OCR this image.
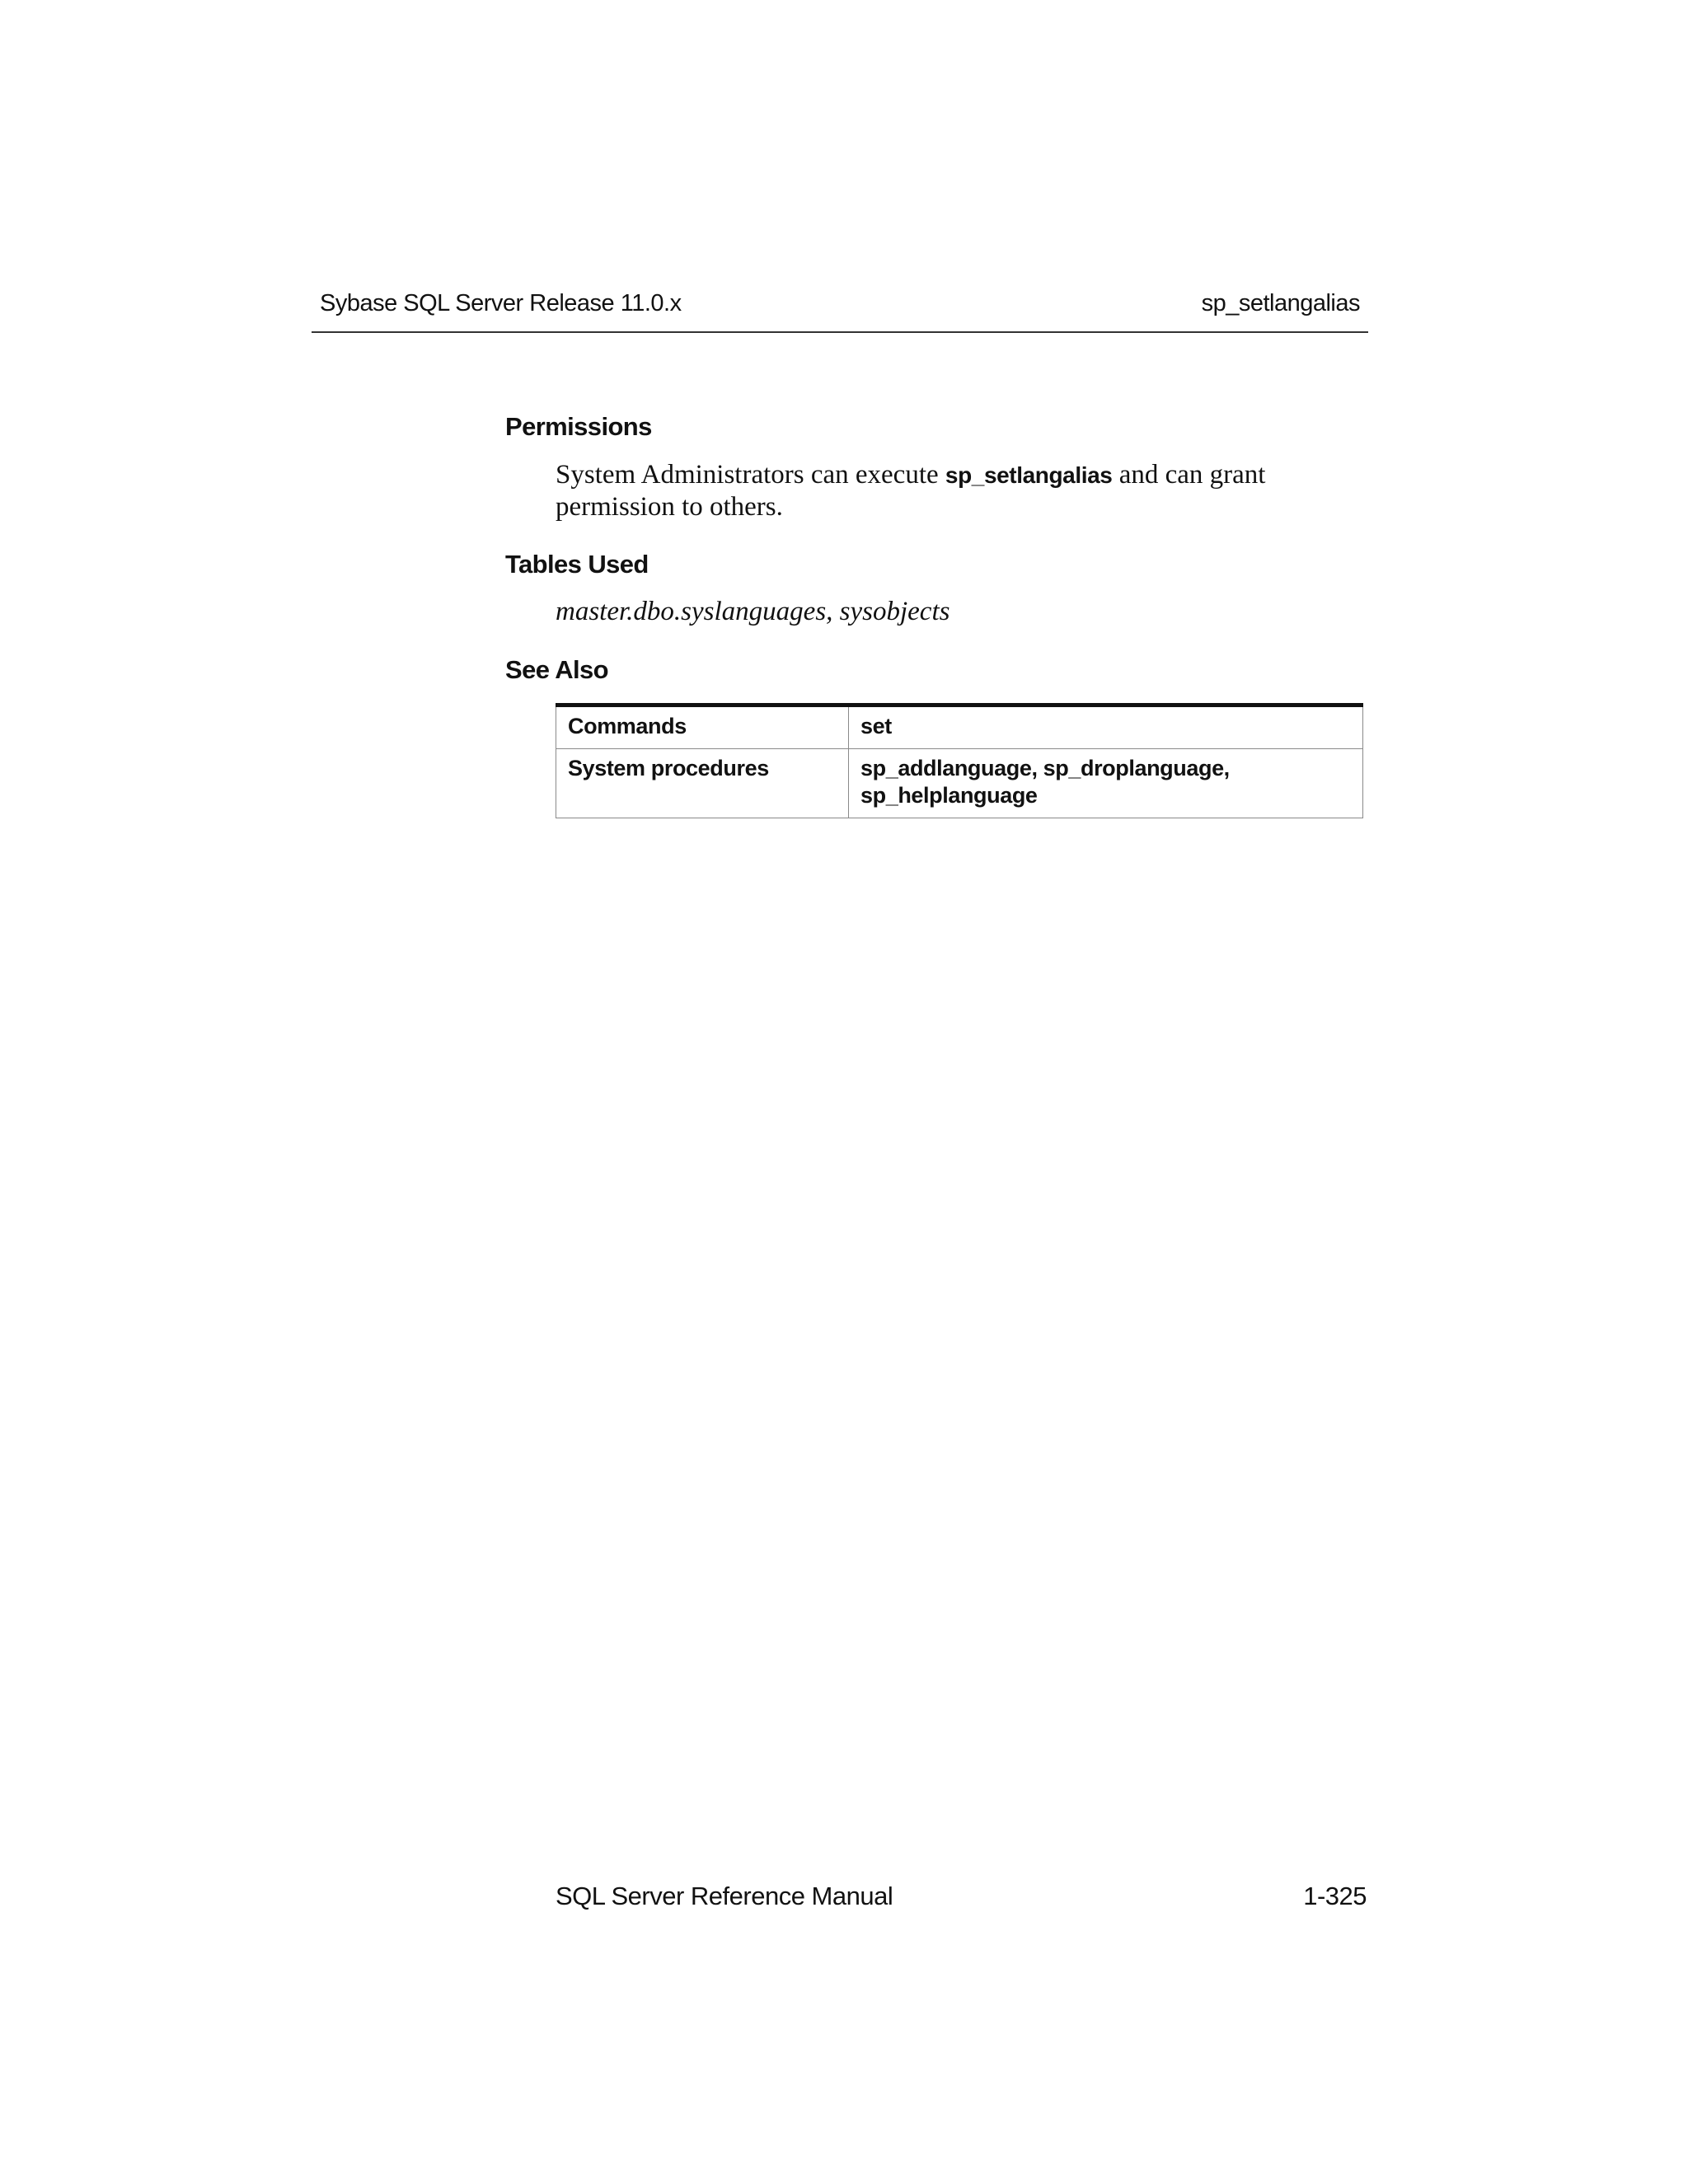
Sybase SQL Server Release 11.0.x	sp_setlangalias
Permissions
System Administrators can execute sp_setlangalias and can grant permission to others.
Tables Used
master.dbo.syslanguages, sysobjects
See Also
Commands	set
System procedures	sp_addlanguage, sp_droplanguage, sp_helplanguage
SQL Server Reference Manual	1-325
